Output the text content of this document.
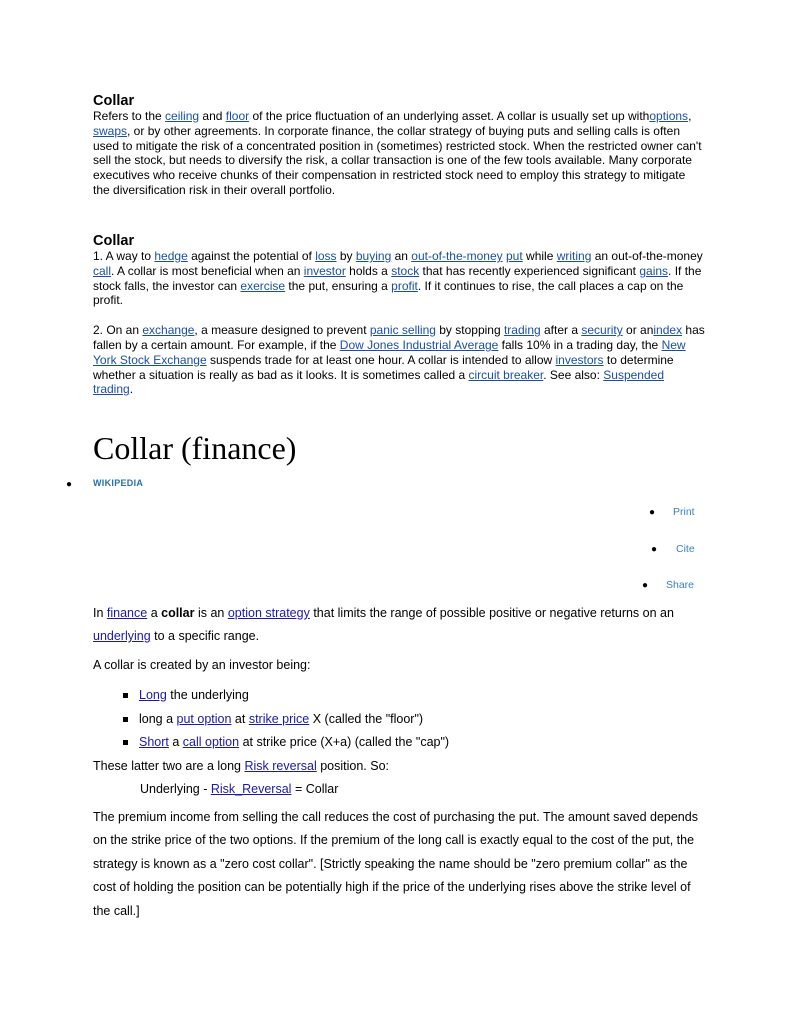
Collar

Refers to the ceiling and floor of the price fluctuation of an underlying asset. A collar is usually set up withoptions, swaps, or by other agreements. In corporate finance, the collar strategy of buying puts and selling calls is often used to mitigate the risk of a concentrated position in (sometimes) restricted stock. When the restricted owner can't sell the stock, but needs to diversify the risk, a collar transaction is one of the few tools available. Many corporate executives who receive chunks of their compensation in restricted stock need to employ this strategy to mitigate the diversification risk in their overall portfolio.

Collar

1. A way to hedge against the potential of loss by buying an out-of-the-money put while writing an out-of-the-money call. A collar is most beneficial when an investor holds a stock that has recently experienced significant gains. If the stock falls, the investor can exercise the put, ensuring a profit. If it continues to rise, the call places a cap on the profit.

2. On an exchange, a measure designed to prevent panic selling by stopping trading after a security or anindex has fallen by a certain amount. For example, if the Dow Jones Industrial Average falls 10% in a trading day, the New York Stock Exchange suspends trade for at least one hour. A collar is intended to allow investors to determine whether a situation is really as bad as it looks. It is sometimes called a circuit breaker. See also: Suspended trading.

Collar (finance)
● WIKIPEDIA
● Print
● Cite
● Share

In finance a collar is an option strategy that limits the range of possible positive or negative returns on an underlying to a specific range.

A collar is created by an investor being:

Long the underlying
long a put option at strike price X (called the "floor")
Short a call option at strike price (X+a) (called the "cap")

These latter two are a long Risk reversal position. So:

Underlying - Risk_Reversal = Collar

The premium income from selling the call reduces the cost of purchasing the put. The amount saved depends on the strike price of the two options. If the premium of the long call is exactly equal to the cost of the put, the strategy is known as a "zero cost collar". [Strictly speaking the name should be "zero premium collar" as the cost of holding the position can be potentially high if the price of the underlying rises above the strike level of the call.]
